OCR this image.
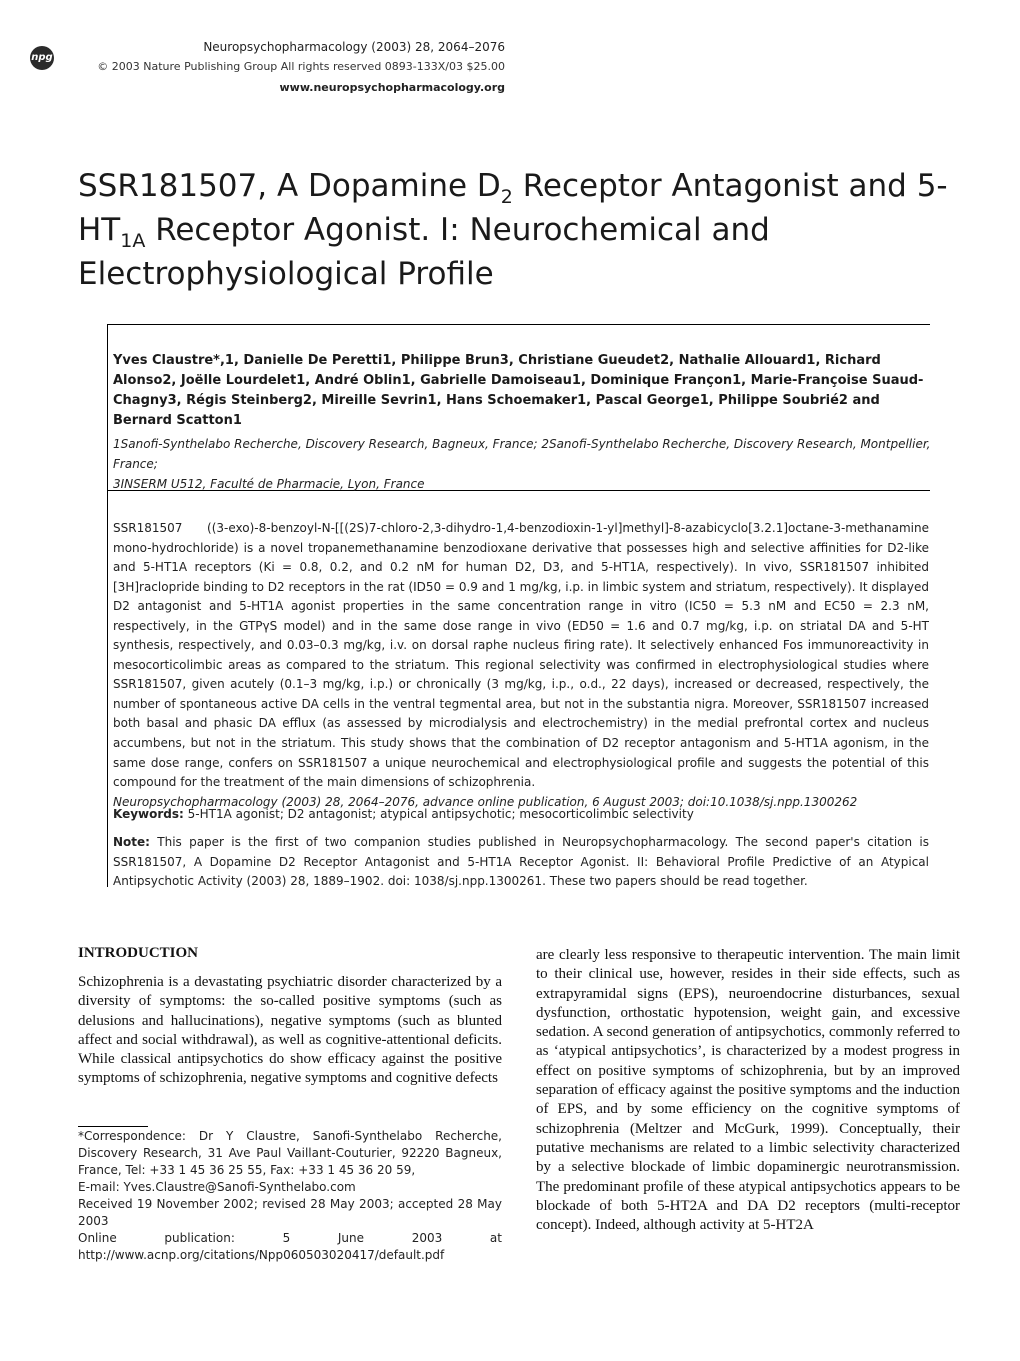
npg
Neuropsychopharmacology (2003) 28, 2064–2076
© 2003 Nature Publishing Group All rights reserved 0893-133X/03 $25.00
www.neuropsychopharmacology.org
SSR181507, A Dopamine $D_2$ Receptor Antagonist and $5-HT_{1A}$ Receptor Agonist. I: Neurochemical and Electrophysiological Profile
Yves Claustre*,1, Danielle De Peretti1, Philippe Brun3, Christiane Gueudet2, Nathalie Allouard1, Richard Alonso2, Joëlle Lourdelet1, André Oblin1, Gabrielle Damoiseau1, Dominique Françon1, Marie-Françoise Suaud-Chagny3, Régis Steinberg2, Mireille Sevrin1, Hans Schoemaker1, Pascal George1, Philippe Soubrié2 and Bernard Scatton1
1Sanofi-Synthelabo Recherche, Discovery Research, Bagneux, France; 2Sanofi-Synthelabo Recherche, Discovery Research, Montpellier, France;
3INSERM U512, Faculté de Pharmacie, Lyon, France
SSR181507 ((3-exo)-8-benzoyl-N-[[(2S)7-chloro-2,3-dihydro-1,4-benzodioxin-1-yl]methyl]-8-azabicyclo[3.2.1]octane-3-methanamine mono-hydrochloride) is a novel tropanemethanamine benzodioxane derivative that possesses high and selective affinities for D2-like and 5-HT1A receptors (Ki = 0.8, 0.2, and 0.2 nM for human D2, D3, and 5-HT1A, respectively). In vivo, SSR181507 inhibited [3H]raclopride binding to D2 receptors in the rat (ID50 = 0.9 and 1 mg/kg, i.p. in limbic system and striatum, respectively). It displayed D2 antagonist and 5-HT1A agonist properties in the same concentration range in vitro (IC50 = 5.3 nM and EC50 = 2.3 nM, respectively, in the GTPγS model) and in the same dose range in vivo (ED50 = 1.6 and 0.7 mg/kg, i.p. on striatal DA and 5-HT synthesis, respectively, and 0.03–0.3 mg/kg, i.v. on dorsal raphe nucleus firing rate). It selectively enhanced Fos immunoreactivity in mesocorticolimbic areas as compared to the striatum. This regional selectivity was confirmed in electrophysiological studies where SSR181507, given acutely (0.1–3 mg/kg, i.p.) or chronically (3 mg/kg, i.p., o.d., 22 days), increased or decreased, respectively, the number of spontaneous active DA cells in the ventral tegmental area, but not in the substantia nigra. Moreover, SSR181507 increased both basal and phasic DA efflux (as assessed by microdialysis and electrochemistry) in the medial prefrontal cortex and nucleus accumbens, but not in the striatum. This study shows that the combination of D2 receptor antagonism and 5-HT1A agonism, in the same dose range, confers on SSR181507 a unique neurochemical and electrophysiological profile and suggests the potential of this compound for the treatment of the main dimensions of schizophrenia.
Neuropsychopharmacology (2003) 28, 2064–2076, advance online publication, 6 August 2003; doi:10.1038/sj.npp.1300262
Keywords: 5-HT1A agonist; D2 antagonist; atypical antipsychotic; mesocorticolimbic selectivity
Note: This paper is the first of two companion studies published in Neuropsychopharmacology. The second paper's citation is SSR181507, A Dopamine D2 Receptor Antagonist and 5-HT1A Receptor Agonist. II: Behavioral Profile Predictive of an Atypical Antipsychotic Activity (2003) 28, 1889–1902. doi: 1038/sj.npp.1300261. These two papers should be read together.
INTRODUCTION
Schizophrenia is a devastating psychiatric disorder characterized by a diversity of symptoms: the so-called positive symptoms (such as delusions and hallucinations), negative symptoms (such as blunted affect and social withdrawal), as well as cognitive-attentional deficits. While classical antipsychotics do show efficacy against the positive symptoms of schizophrenia, negative symptoms and cognitive defects
*Correspondence: Dr Y Claustre, Sanofi-Synthelabo Recherche, Discovery Research, 31 Ave Paul Vaillant-Couturier, 92220 Bagneux, France, Tel: +33 1 45 36 25 55, Fax: +33 1 45 36 20 59,
E-mail: Yves.Claustre@Sanofi-Synthelabo.com
Received 19 November 2002; revised 28 May 2003; accepted 28 May 2003
Online publication: 5 June 2003 at http://www.acnp.org/citations/Npp060503020417/default.pdf
are clearly less responsive to therapeutic intervention. The main limit to their clinical use, however, resides in their side effects, such as extrapyramidal signs (EPS), neuroendocrine disturbances, sexual dysfunction, orthostatic hypotension, weight gain, and excessive sedation. A second generation of antipsychotics, commonly referred to as ‘atypical antipsychotics’, is characterized by a modest progress in effect on positive symptoms of schizophrenia, but by an improved separation of efficacy against the positive symptoms and the induction of EPS, and by some efficiency on the cognitive symptoms of schizophrenia (Meltzer and McGurk, 1999). Conceptually, their putative mechanisms are related to a limbic selectivity characterized by a selective blockade of limbic dopaminergic neurotransmission. The predominant profile of these atypical antipsychotics appears to be blockade of both 5-HT2A and DA D2 receptors (multi-receptor concept). Indeed, although activity at 5-HT2A
